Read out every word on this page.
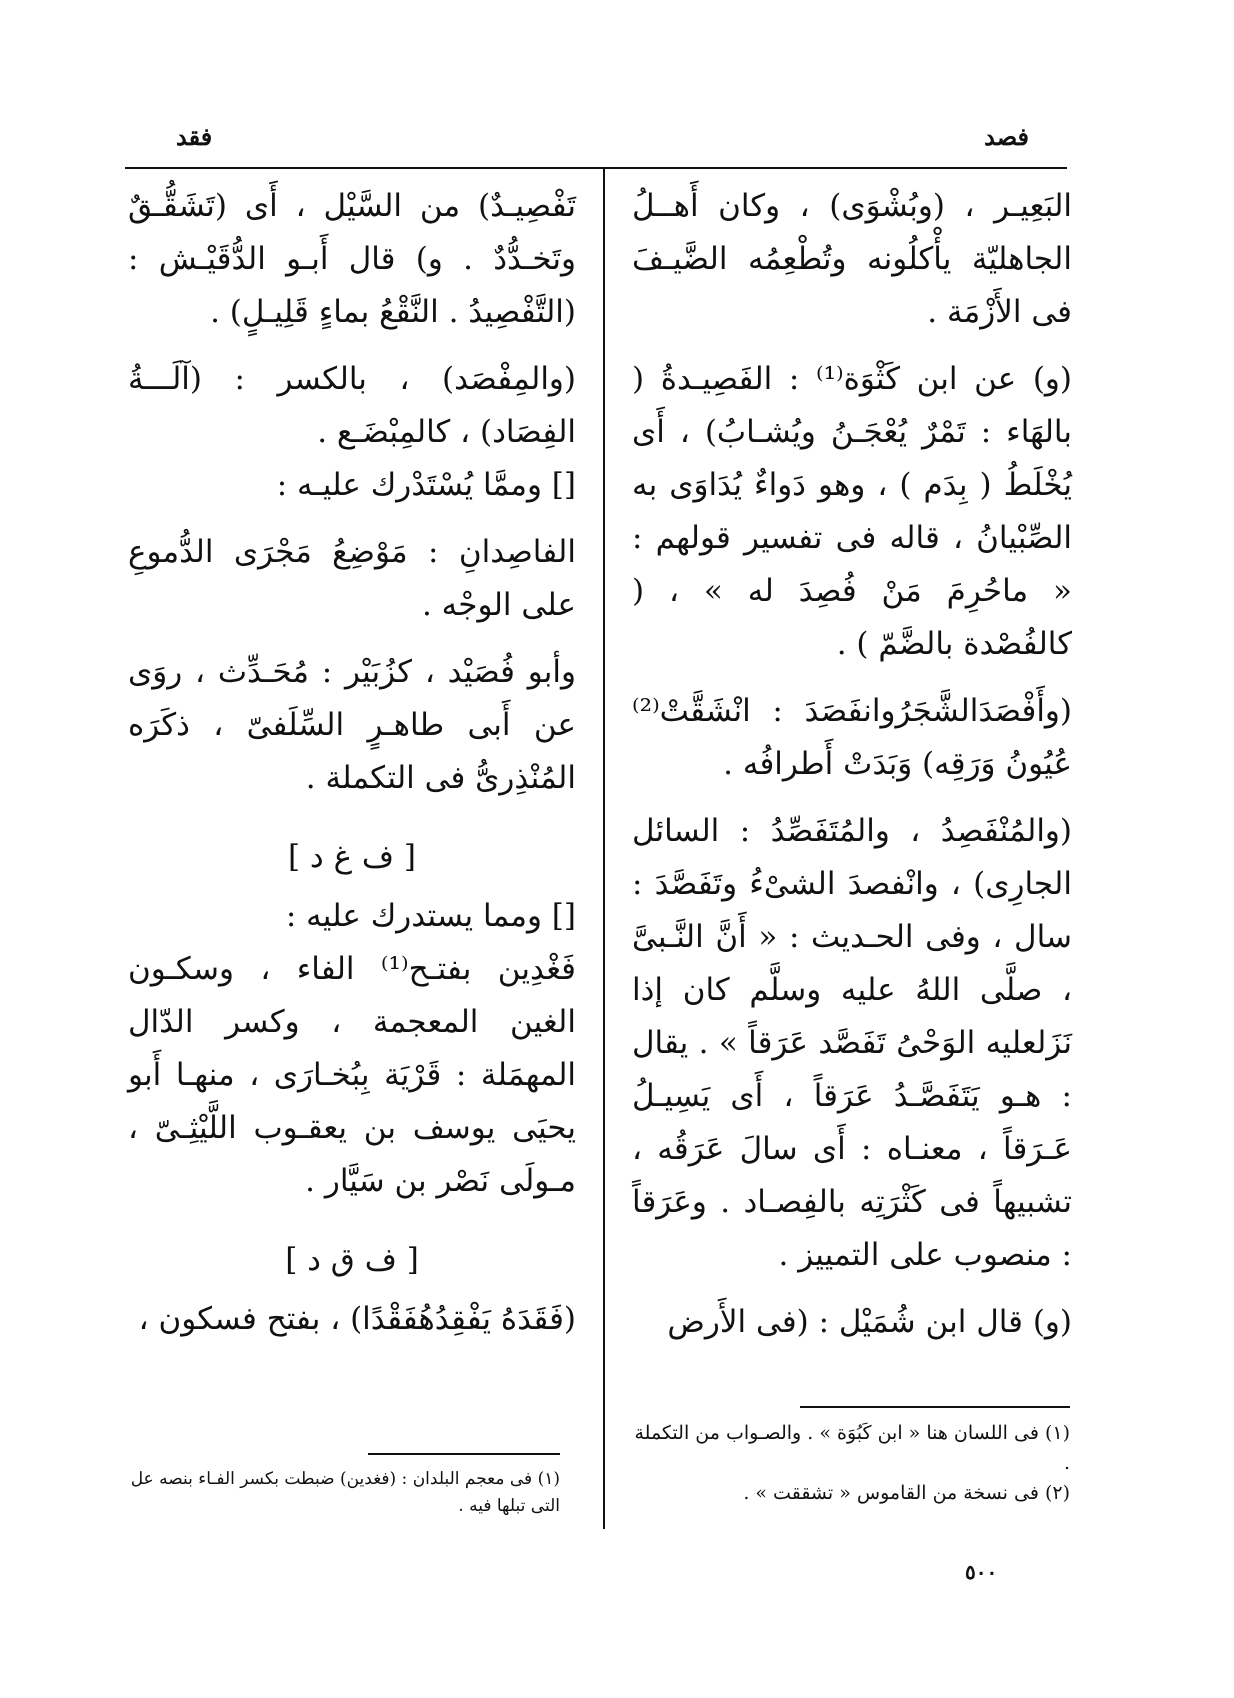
فصد
فقد

البَعِيـر ، (وبُشْوَى) ، وكان أَهــلُ الجاهليّة يأْكلُونه وتُطْعِمُه الضَّيـفَ فى الأَزْمَة .

(و) عن ابن كَثْوَة⁽¹⁾ : الفَصِيـدةُ ( بالهَاء : تَمْرٌ يُعْجَـنُ ويُشـابُ) ، أَى يُخْلَطُ ( بِدَم ) ، وهو دَواءٌ يُدَاوَى به الصِّبْيانُ ، قاله فى تفسير قولهم : « ماحُرِمَ مَنْ فُصِدَ له » ، ( كالفُصْدة بالضَّمّ ) .

(وأَفْصَدَالشَّجَرُوانفَصَدَ : انْشَقَّتْ⁽²⁾ عُيُونُ وَرَقِه) وَبَدَتْ أَطرافُه .

(والمُنْفَصِدُ ، والمُتَفَصِّدُ : السائل الجارِى) ، وانْفصدَ الشىْءُ وتَفَصَّدَ : سال ، وفى الحـديث : « أَنَّ النَّـبىَّ ، صلَّى اللهُ عليه وسلَّم كان إذا نَزَلعليه الوَحْىُ تَفَصَّد عَرَقاً » . يقال : هـو يَتَفَصَّـدُ عَرَقاً ، أَى يَسِيـلُ عَـرَقاً ، معنـاه : أَى سالَ عَرَقُه ، تشبيهاً فى كَثْرَتِه بالفِصـاد . وعَرَقاً : منصوب على التمييز .

(و) قال ابن شُمَيْل : (فى الأَرض

تَفْصِيـدٌ) من السَّيْل ، أَى (تَشَقُّـقٌ وتَخـدُّدٌ . و) قال أَبـو الدُّقَيْـش : (التَّفْصِيدُ . النَّقْعُ بماءٍ قَلِيـلٍ) .

(والمِفْصَد) ، بالكسر : (آلَـــةُ الفِصَاد) ، كالمِبْضَـع .

[] وممَّا يُسْتَدْرك عليـه :

الفاصِدانِ : مَوْضِعُ مَجْرَى الدُّموعِ على الوجْه .

وأبو فُصَيْد ، كزُبَيْر : مُحَـدِّث ، روَى عن أَبى طاهـرٍ السِّلَفىّ ، ذكَرَه المُنْذِرىُّ فى التكملة .

[ ف غ د ]

[] ومما يستدرك عليه :

فَغْدِين بفتـح⁽¹⁾ الفاء ، وسكـون الغين المعجمة ، وكسر الدّال المهمَلة : قَرْيَة بِبُخـارَى ، منهـا أَبو يحيَى يوسف بن يعقـوب اللَّيْثِـىّ ، مـولَى نَصْر بن سَيَّار .

[ ف ق د ]

(فَقَدَهُ يَفْقِدُهُفَقْدًا) ، بفتح فسكون ،

(١) فى اللسان هنا « ابن كَبُوَة » . والصـواب من التكملة .

(٢) فى نسخة من القاموس « تشققت » .

(١) فى معجم البلدان : (فغدين) ضبطت بكسر الفـاء بنصه عل التى تبلها فيه .

٥٠٠
